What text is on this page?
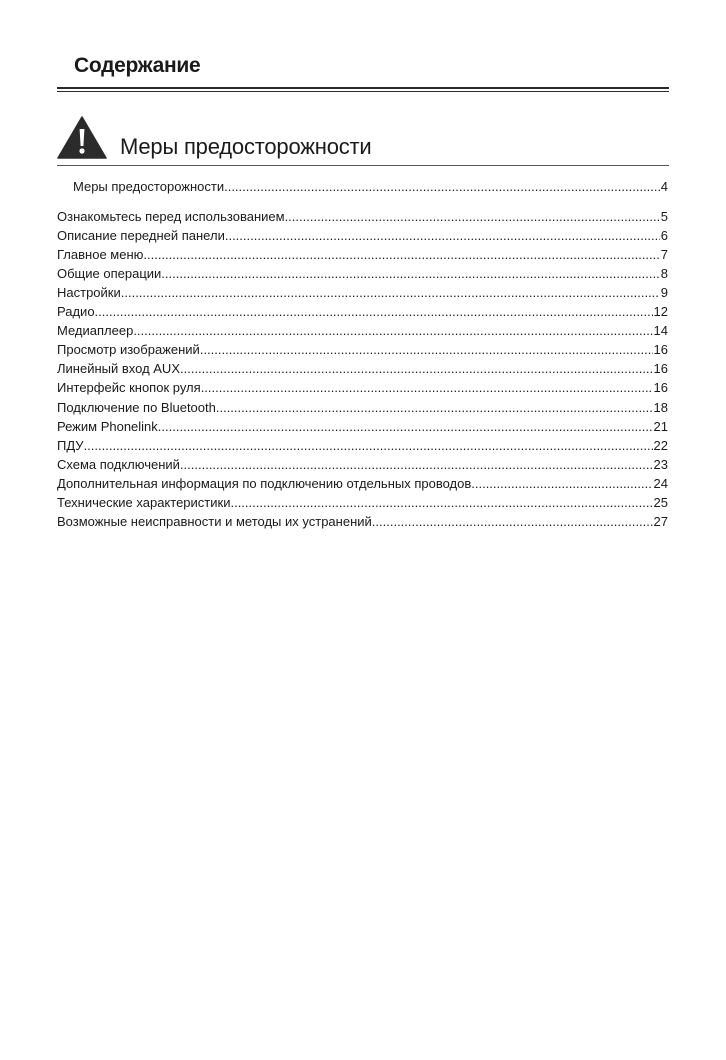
Содержание
Меры предосторожности
Меры предосторожности .....	4
Ознакомьтесь перед использованием .....	5
Описание передней панели .....	6
Главное меню .....	7
Общие операции .....	8
Настройки .....	9
Радио .....	12
Медиаплеер .....	14
Просмотр изображений .....	16
Линейный вход AUX .....	16
Интерфейс кнопок руля .....	16
Подключение по Bluetooth .....	18
Режим Phonelink .....	21
ПДУ .....	22
Схема подключений .....	23
Дополнительная информация по подключению отдельных проводов .....	24
Технические характеристики .....	25
Возможные неисправности и методы их устранений .....	27
